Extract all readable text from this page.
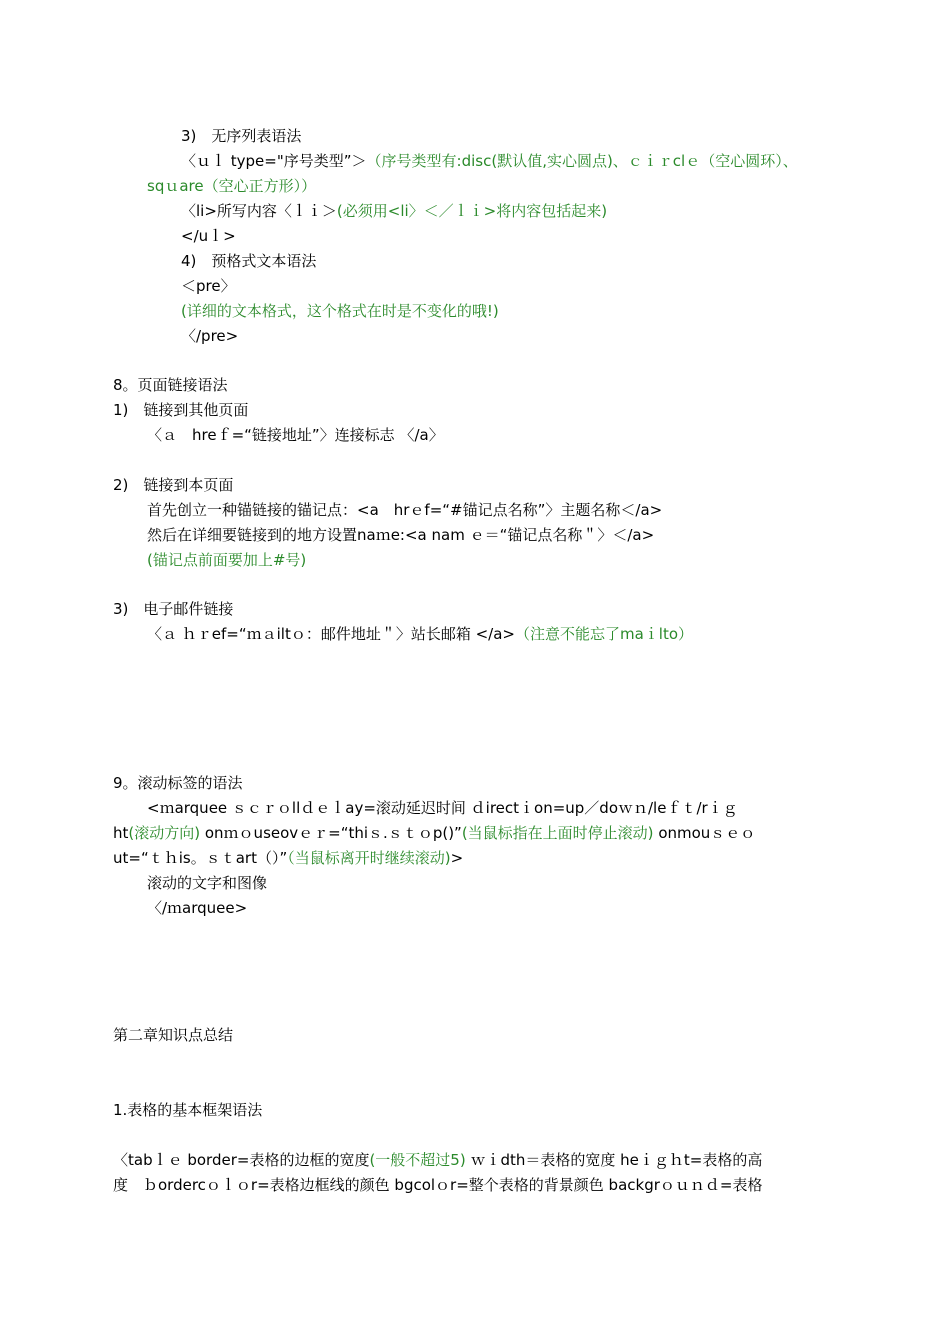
3)　无序列表语法
〈ｕｌ type="序号类型”＞（序号类型有:disc(默认值,实心圆点)、ｃｉｒclｅ（空心圆环）、
sqｕare（空心正方形））
〈li>所写内容〈ｌｉ＞(必须用<li〉＜／ｌｉ>将内容包括起来)
</uｌ>
4)　预格式文本语法
＜pre〉
(详细的文本格式，这个格式在时是不变化的哦!)
〈/pre>
8。页面链接语法
1)　链接到其他页面
〈ａ　hreｆ=“链接地址”〉连接标志 〈/a〉
2)　链接到本页面
首先创立一种锚链接的锚记点：<a　hrｅf=“#锚记点名称”〉主题名称＜/a>
然后在详细要链接到的地方设置naｍe:<a nam ｅ＝“锚记点名称＂〉＜/a>
(锚记点前面要加上#号)
3)　电子邮件链接
〈ａ ｈｒef=“ｍａiltｏ：邮件地址＂〉站长邮箱 </a>（注意不能忘了maｉlto）
9。滚动标签的语法
<ｍarquee ｓｃｒｏllｄｅｌay=滚动延迟时间 ｄirectｉon=up／doｗｎ/leｆｔ/rｉｇ
ht(滚动方向) onｍｏuseovｅｒ=“thiｓ.ｓｔｏp()”(当鼠标指在上面时停止滚动) onmouｓｅｏ
ut=“ｔｈis。ｓｔart（）”（当鼠标离开时继续滚动)>
滚动的文字和图像
〈/ｍarquee>
第二章知识点总结
1.表格的基本框架语法
〈tabｌｅ border=表格的边框的宽度(一般不超过5) ｗｉdth＝表格的宽度 heｉｇｈt=表格的高
度　ｂordercｏｌｏr=表格边框线的颜色 bgcolｏr=整个表格的背景颜色 backgrｏｕｎｄ=表格
